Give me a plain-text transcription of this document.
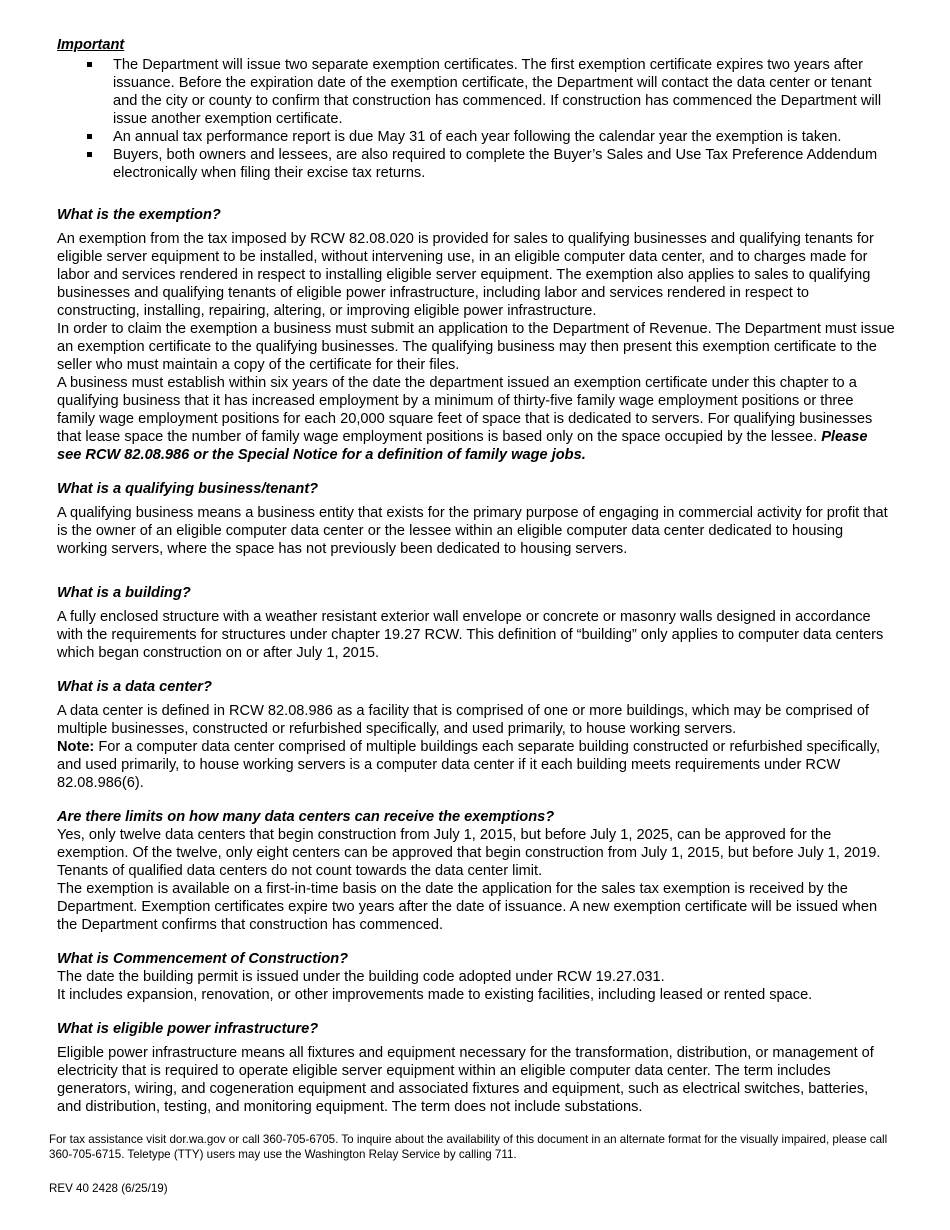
Important
The Department will issue two separate exemption certificates. The first exemption certificate expires two years after issuance. Before the expiration date of the exemption certificate, the Department will contact the data center or tenant and the city or county to confirm that construction has commenced. If construction has commenced the Department will issue another exemption certificate.
An annual tax performance report is due May 31 of each year following the calendar year the exemption is taken.
Buyers, both owners and lessees, are also required to complete the Buyer’s Sales and Use Tax Preference Addendum electronically when filing their excise tax returns.
What is the exemption?

An exemption from the tax imposed by RCW 82.08.020 is provided for sales to qualifying businesses and qualifying tenants for eligible server equipment to be installed, without intervening use, in an eligible computer data center, and to charges made for labor and services rendered in respect to installing eligible server equipment. The exemption also applies to sales to qualifying businesses and qualifying tenants of eligible power infrastructure, including labor and services rendered in respect to constructing, installing, repairing, altering, or improving eligible power infrastructure.

In order to claim the exemption a business must submit an application to the Department of Revenue. The Department must issue an exemption certificate to the qualifying businesses. The qualifying business may then present this exemption certificate to the seller who must maintain a copy of the certificate for their files.

A business must establish within six years of the date the department issued an exemption certificate under this chapter to a qualifying business that it has increased employment by a minimum of thirty-five family wage employment positions or three family wage employment positions for each 20,000 square feet of space that is dedicated to servers. For qualifying businesses that lease space the number of family wage employment positions is based only on the space occupied by the lessee. Please see RCW 82.08.986 or the Special Notice for a definition of family wage jobs.

What is a qualifying business/tenant?

A qualifying business means a business entity that exists for the primary purpose of engaging in commercial activity for profit that is the owner of an eligible computer data center or the lessee within an eligible computer data center dedicated to housing working servers, where the space has not previously been dedicated to housing servers.

What is a building?

A fully enclosed structure with a weather resistant exterior wall envelope or concrete or masonry walls designed in accordance with the requirements for structures under chapter 19.27 RCW. This definition of “building” only applies to computer data centers which began construction on or after July 1, 2015.

What is a data center?

A data center is defined in RCW 82.08.986 as a facility that is comprised of one or more buildings, which may be comprised of multiple businesses, constructed or refurbished specifically, and used primarily, to house working servers.

Note: For a computer data center comprised of multiple buildings each separate building constructed or refurbished specifically, and used primarily, to house working servers is a computer data center if it each building meets requirements under RCW 82.08.986(6).

Are there limits on how many data centers can receive the exemptions?

Yes, only twelve data centers that begin construction from July 1, 2015, but before July 1, 2025, can be approved for the exemption. Of the twelve, only eight centers can be approved that begin construction from July 1, 2015, but before July 1, 2019.

Tenants of qualified data centers do not count towards the data center limit.

The exemption is available on a first-in-time basis on the date the application for the sales tax exemption is received by the Department. Exemption certificates expire two years after the date of issuance. A new exemption certificate will be issued when the Department confirms that construction has commenced.

What is Commencement of Construction?

The date the building permit is issued under the building code adopted under RCW 19.27.031.

It includes expansion, renovation, or other improvements made to existing facilities, including leased or rented space.

What is eligible power infrastructure?

Eligible power infrastructure means all fixtures and equipment necessary for the transformation, distribution, or management of electricity that is required to operate eligible server equipment within an eligible computer data center. The term includes generators, wiring, and cogeneration equipment and associated fixtures and equipment, such as electrical switches, batteries, and distribution, testing, and monitoring equipment. The term does not include substations.

For tax assistance visit dor.wa.gov or call 360-705-6705. To inquire about the availability of this document in an alternate format for the visually impaired, please call 360-705-6715. Teletype (TTY) users may use the Washington Relay Service by calling 711.
REV 40 2428 (6/25/19)
